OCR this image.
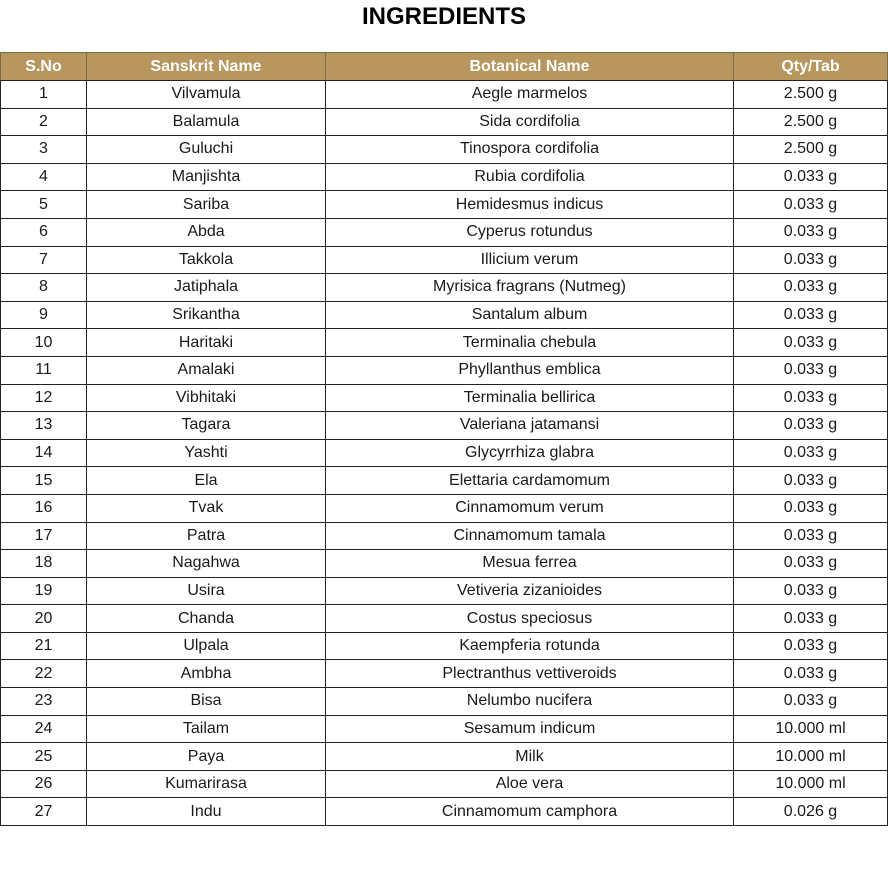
INGREDIENTS
S.No	Sanskrit Name	Botanical Name	Qty/Tab
1	Vilvamula	Aegle marmelos	2.500 g
2	Balamula	Sida cordifolia	2.500 g
3	Guluchi	Tinospora cordifolia	2.500 g
4	Manjishta	Rubia cordifolia	0.033 g
5	Sariba	Hemidesmus indicus	0.033 g
6	Abda	Cyperus rotundus	0.033 g
7	Takkola	Illicium verum	0.033 g
8	Jatiphala	Myrisica fragrans (Nutmeg)	0.033 g
9	Srikantha	Santalum album	0.033 g
10	Haritaki	Terminalia chebula	0.033 g
11	Amalaki	Phyllanthus emblica	0.033 g
12	Vibhitaki	Terminalia bellirica	0.033 g
13	Tagara	Valeriana jatamansi	0.033 g
14	Yashti	Glycyrrhiza glabra	0.033 g
15	Ela	Elettaria cardamomum	0.033 g
16	Tvak	Cinnamomum verum	0.033 g
17	Patra	Cinnamomum tamala	0.033 g
18	Nagahwa	Mesua ferrea	0.033 g
19	Usira	Vetiveria zizanioides	0.033 g
20	Chanda	Costus speciosus	0.033 g
21	Ulpala	Kaempferia rotunda	0.033 g
22	Ambha	Plectranthus vettiveroids	0.033 g
23	Bisa	Nelumbo nucifera	0.033 g
24	Tailam	Sesamum indicum	10.000 ml
25	Paya	Milk	10.000 ml
26	Kumarirasa	Aloe vera	10.000 ml
27	Indu	Cinnamomum camphora	0.026 g
